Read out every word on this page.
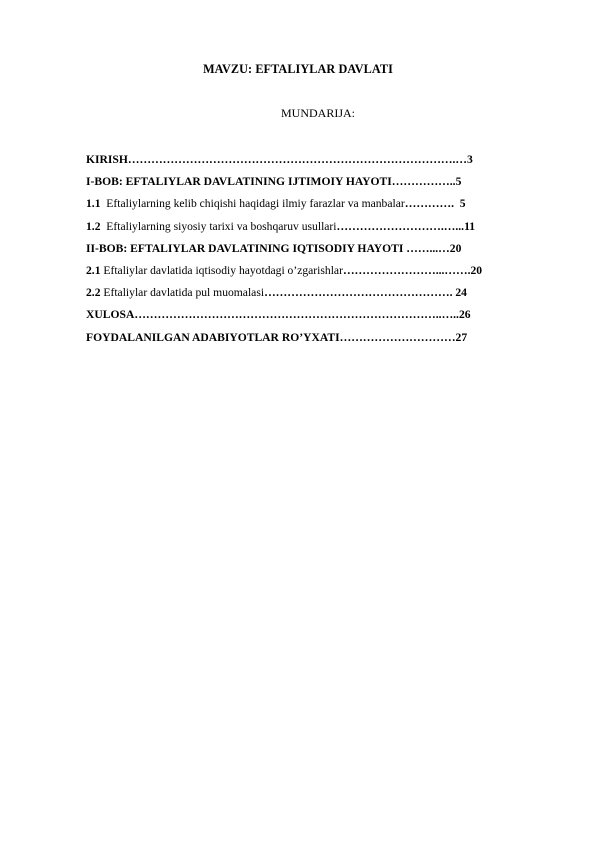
MAVZU: EFTALIYLAR DAVLATI
MUNDARIJA:
KIRISH………………………………………………………………………….…3
I-BOB: EFTALIYLAR DAVLATINING IJTIMOIY HAYOTI……………..5
1.1  Eftaliylarning kelib chiqishi haqidagi ilmiy farazlar va manbalar………….  5
1.2  Eftaliylarning siyosiy tarixi va boshqaruv usullari……………………….…...11
II-BOB: EFTALIYLAR DAVLATINING IQTISODIY HAYOTI ……...…20
2.1 Eftaliylar davlatida iqtisodiy hayotdagi o’zgarishlar……………………...…….20
2.2 Eftaliylar davlatida pul muomalasi…………………………………………. 24
XULOSA……………………………………………………………………..…..26
FOYDALANILGAN ADABIYOTLAR RO’YXATI…………………………27
